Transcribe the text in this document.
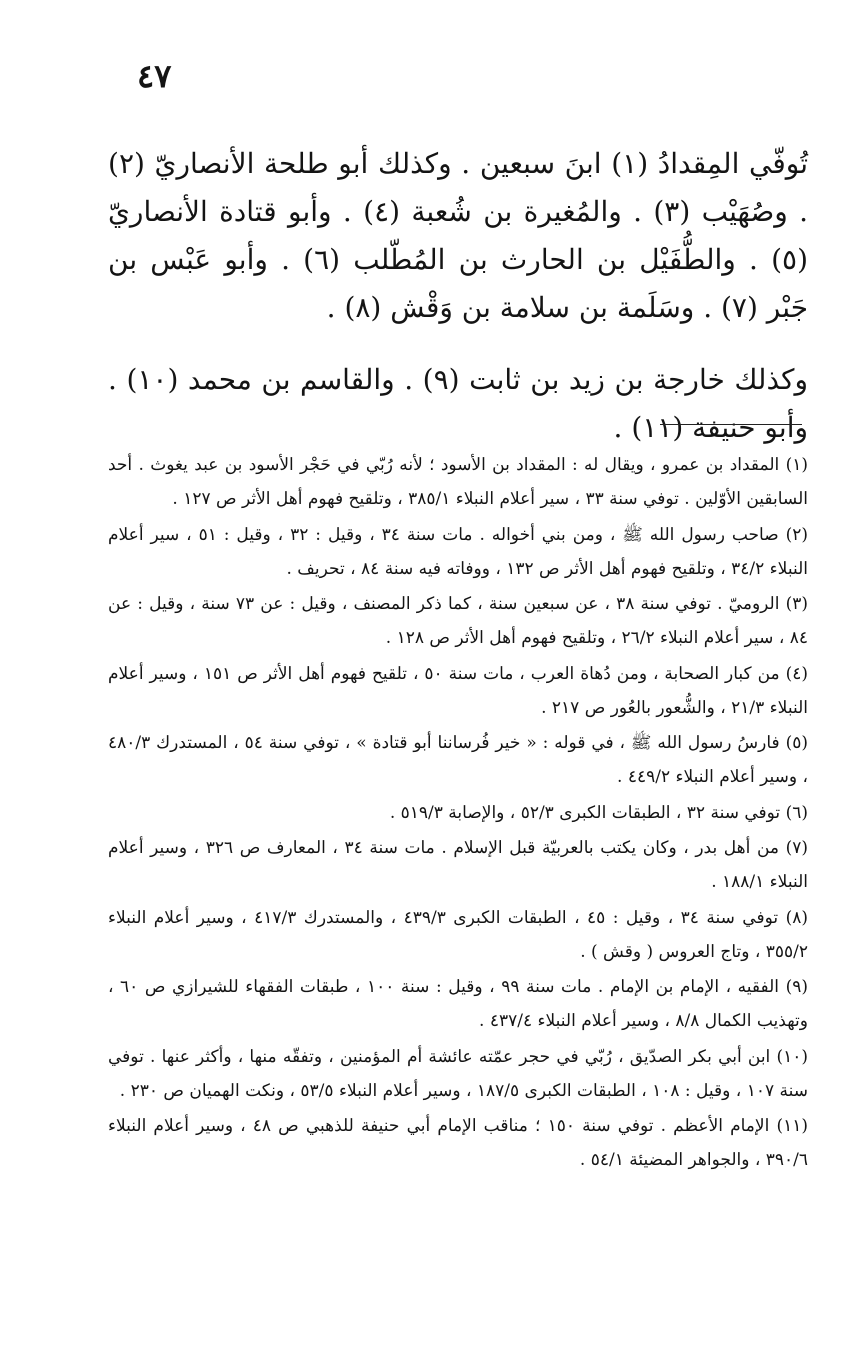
٤٧

تُوفّي المِقدادُ (١) ابنَ سبعين . وكذلك أبو طلحة الأنصاريّ (٢) . وصُهَيْب (٣) . والمُغيرة بن شُعبة (٤) . وأبو قتادة الأنصاريّ (٥) . والطُّفَيْل بن الحارث بن المُطّلب (٦) . وأبو عَبْس بن جَبْر (٧) . وسَلَمة بن سلامة بن وَقْش (٨) .

وكذلك خارجة بن زيد بن ثابت (٩) . والقاسم بن محمد (١٠) . وأبو حنيفة (١١) .

(١) المقداد بن عمرو ، ويقال له : المقداد بن الأسود ؛ لأنه رُبّي في حَجْر الأسود بن عبد يغوث . أحد السابقين الأوّلين . توفي سنة ٣٣ ، سير أعلام النبلاء ٣٨٥/١ ، وتلقيح فهوم أهل الأثر ص ١٢٧ .

(٢) صاحب رسول الله ﷺ ، ومن بني أخواله . مات سنة ٣٤ ، وقيل : ٣٢ ، وقيل : ٥١ ، سير أعلام النبلاء ٣٤/٢ ، وتلقيح فهوم أهل الأثر ص ١٣٢ ، ووفاته فيه سنة ٨٤ ، تحريف .

(٣) الروميّ . توفي سنة ٣٨ ، عن سبعين سنة ، كما ذكر المصنف ، وقيل : عن ٧٣ سنة ، وقيل : عن ٨٤ ، سير أعلام النبلاء ٢٦/٢ ، وتلقيح فهوم أهل الأثر ص ١٢٨ .

(٤) من كبار الصحابة ، ومن دُهاة العرب ، مات سنة ٥٠ ، تلقيح فهوم أهل الأثر ص ١٥١ ، وسير أعلام النبلاء ٢١/٣ ، والشُّعور بالعُور ص ٢١٧ .

(٥) فارسُ رسول الله ﷺ ، في قوله : « خير فُرساننا أبو قتادة » ، توفي سنة ٥٤ ، المستدرك ٤٨٠/٣ ، وسير أعلام النبلاء ٤٤٩/٢ .

(٦) توفي سنة ٣٢ ، الطبقات الكبرى ٥٢/٣ ، والإصابة ٥١٩/٣ .

(٧) من أهل بدر ، وكان يكتب بالعربيّة قبل الإسلام . مات سنة ٣٤ ، المعارف ص ٣٢٦ ، وسير أعلام النبلاء ١٨٨/١ .

(٨) توفي سنة ٣٤ ، وقيل : ٤٥ ، الطبقات الكبرى ٤٣٩/٣ ، والمستدرك ٤١٧/٣ ، وسير أعلام النبلاء ٣٥٥/٢ ، وتاج العروس ( وقش ) .

(٩) الفقيه ، الإمام بن الإمام . مات سنة ٩٩ ، وقيل : سنة ١٠٠ ، طبقات الفقهاء للشيرازي ص ٦٠ ، وتهذيب الكمال ٨/٨ ، وسير أعلام النبلاء ٤٣٧/٤ .

(١٠) ابن أبي بكر الصدّيق ، رُبّي في حجر عمّته عائشة أم المؤمنين ، وتفقّه منها ، وأكثر عنها . توفي سنة ١٠٧ ، وقيل : ١٠٨ ، الطبقات الكبرى ١٨٧/٥ ، وسير أعلام النبلاء ٥٣/٥ ، ونكت الهميان ص ٢٣٠ .

(١١) الإمام الأعظم . توفي سنة ١٥٠ ؛ مناقب الإمام أبي حنيفة للذهبي ص ٤٨ ، وسير أعلام النبلاء ٣٩٠/٦ ، والجواهر المضيئة ٥٤/١ .
